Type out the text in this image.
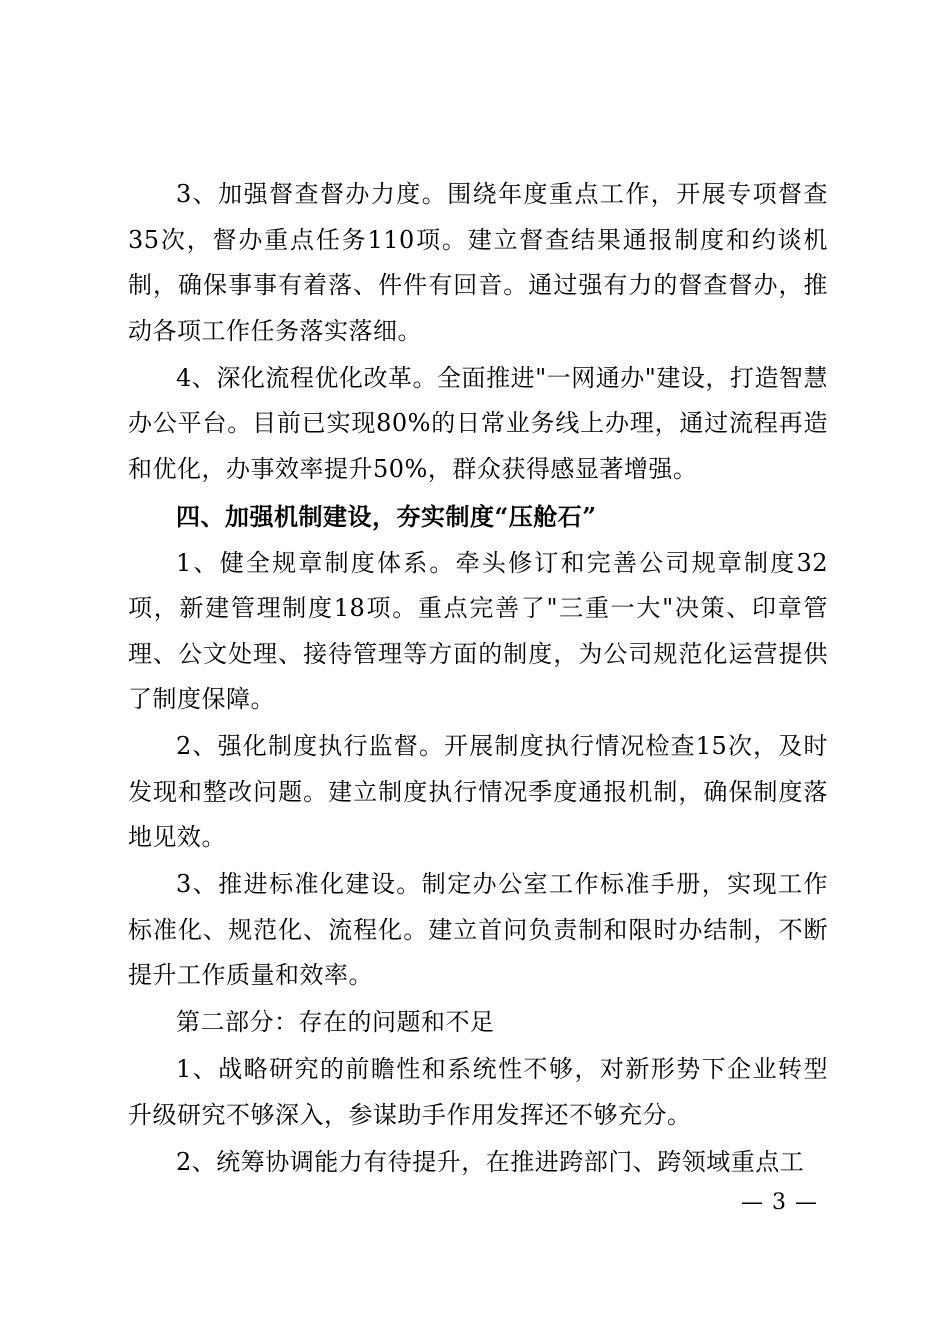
3、加强督查督办力度。围绕年度重点工作，开展专项督查35次，督办重点任务110项。建立督查结果通报制度和约谈机制，确保事事有着落、件件有回音。通过强有力的督查督办，推动各项工作任务落实落细。

4、深化流程优化改革。全面推进"一网通办"建设，打造智慧办公平台。目前已实现80%的日常业务线上办理，通过流程再造和优化，办事效率提升50%，群众获得感显著增强。

四、加强机制建设，夯实制度“压舱石”

1、健全规章制度体系。牵头修订和完善公司规章制度32项，新建管理制度18项。重点完善了"三重一大"决策、印章管理、公文处理、接待管理等方面的制度，为公司规范化运营提供了制度保障。

2、强化制度执行监督。开展制度执行情况检查15次，及时发现和整改问题。建立制度执行情况季度通报机制，确保制度落地见效。

3、推进标准化建设。制定办公室工作标准手册，实现工作标准化、规范化、流程化。建立首问负责制和限时办结制，不断提升工作质量和效率。

第二部分：存在的问题和不足

1、战略研究的前瞻性和系统性不够，对新形势下企业转型升级研究不够深入，参谋助手作用发挥还不够充分。

2、统筹协调能力有待提升，在推进跨部门、跨领域重点工

— 3 —
